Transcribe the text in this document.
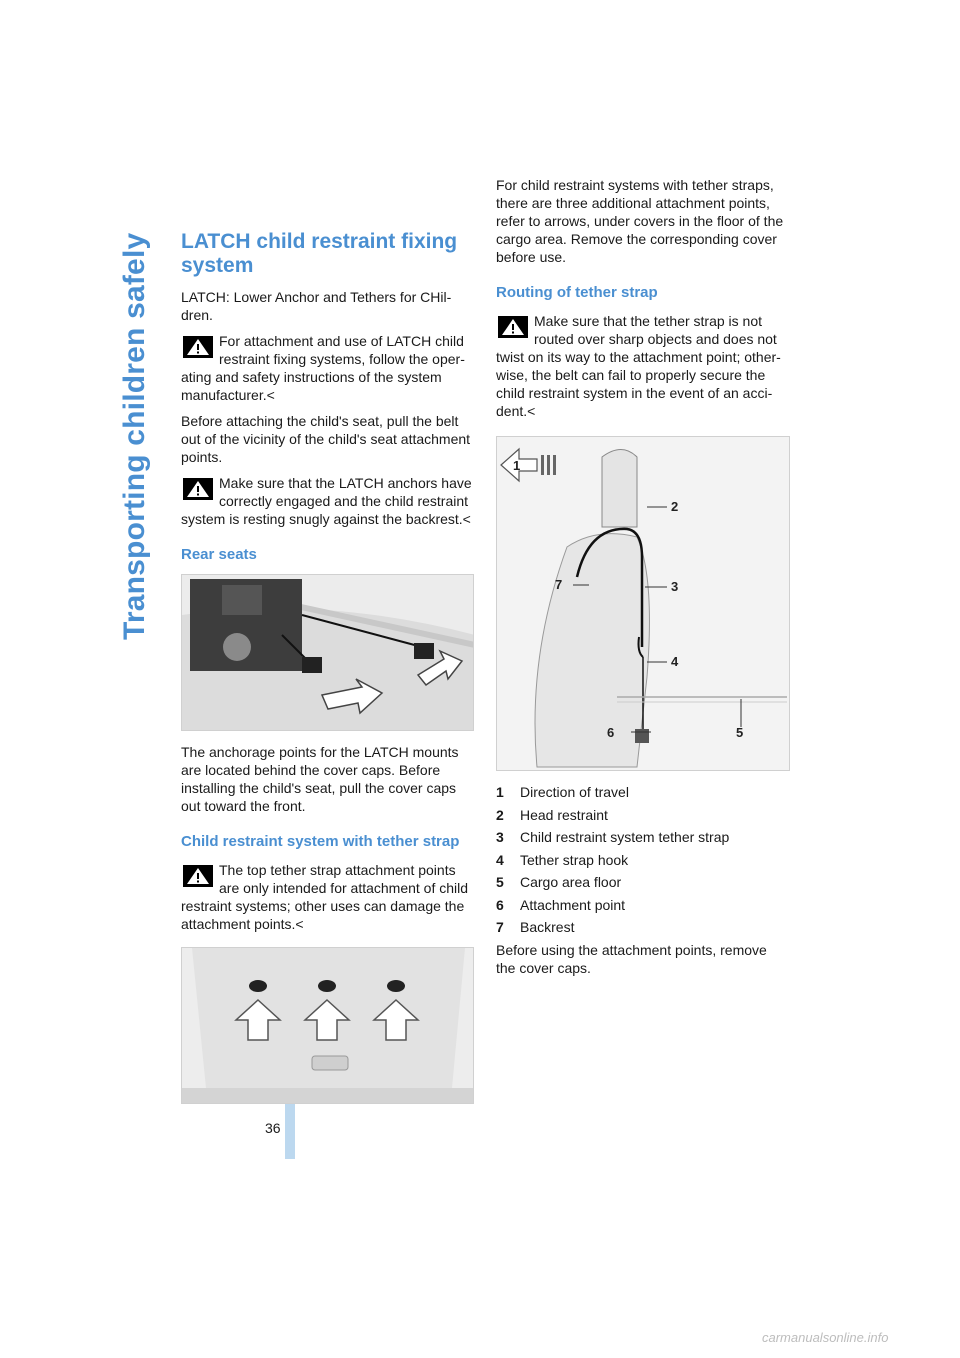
Transporting children safely LATCH child restraint fixing system

LATCH: Lower Anchor and Tethers for CHildren.

For attachment and use of LATCH child restraint fixing systems, follow the operating and safety instructions of the system manufacturer.<

Before attaching the child's seat, pull the belt out of the vicinity of the child's seat attachment points.

Make sure that the LATCH anchors have correctly engaged and the child restraint system is resting snugly against the backrest.<
Rear seats

The anchorage points for the LATCH mounts are located behind the cover caps. Before installing the child's seat, pull the cover caps out toward the front.

Child restraint system with tether strap
The top tether strap attachment points are only intended for attachment of child restraint systems; other uses can damage the attachment points.<

For child restraint systems with tether straps, there are three additional attachment points, refer to arrows, under covers in the floor of the cargo area. Remove the corresponding cover before use.

Routing of tether strap
Make sure that the tether strap is not routed over sharp objects and does not twist on its way to the attachment point; otherwise, the belt can fail to properly secure the child restraint system in the event of an accident.<
1
2
3
4
5
6
7
1	Direction of travel
2	Head restraint
3	Child restraint system tether strap
4	Tether strap hook
5	Cargo area floor
6	Attachment point
7	Backrest

Before using the attachment points, remove the cover caps.

36
carmanualsonline.info
